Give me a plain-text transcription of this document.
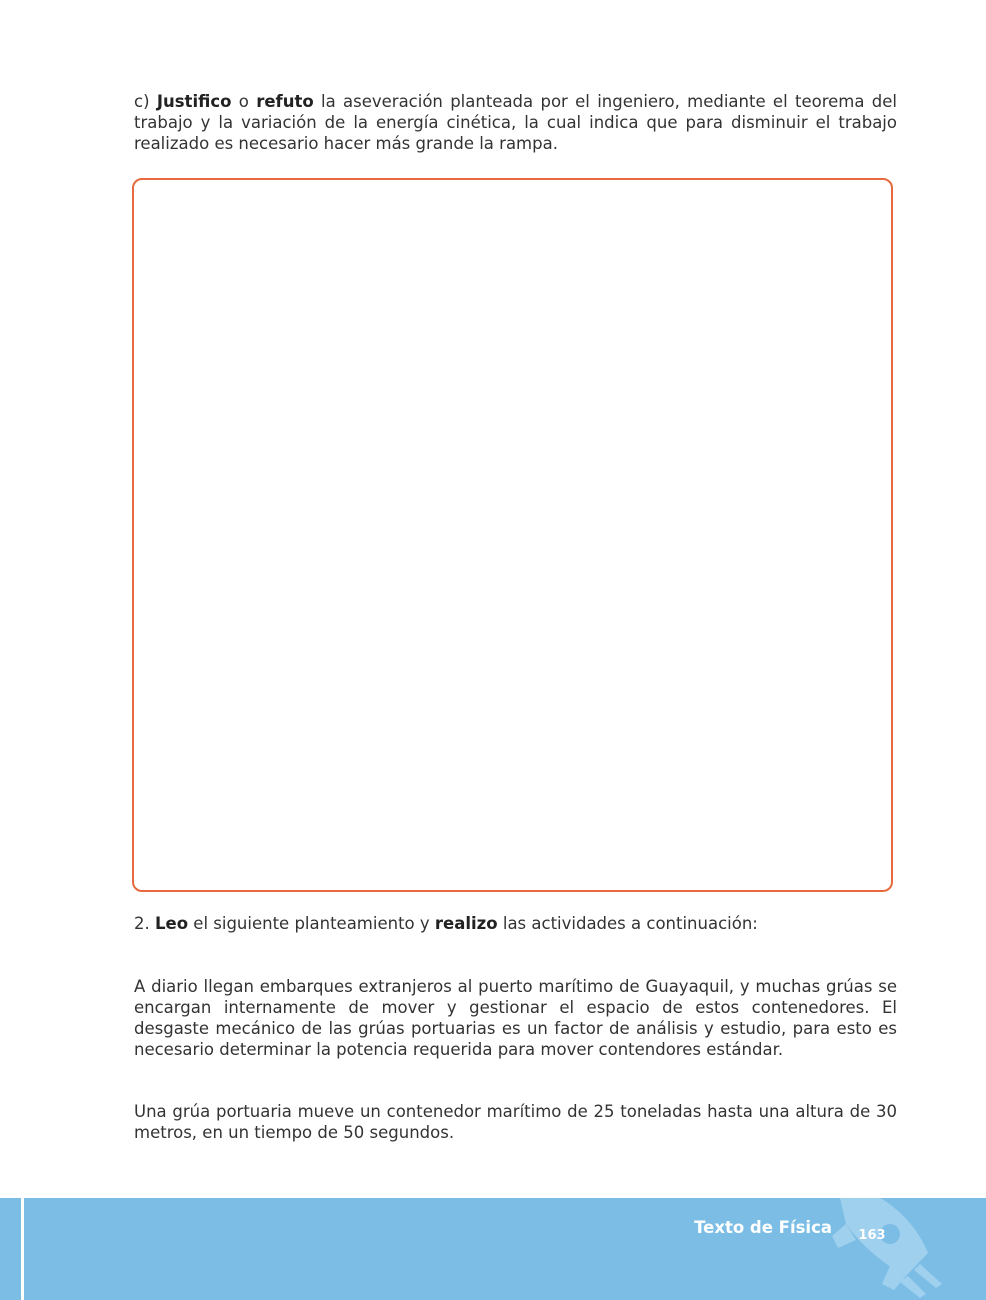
c) Justifico o refuto la aseveración planteada por el ingeniero, mediante el teorema del trabajo y la variación de la energía cinética, la cual indica que para disminuir el trabajo realizado es necesario hacer más grande la rampa.

2. Leo el siguiente planteamiento y realizo las actividades a continuación:

A diario llegan embarques extranjeros al puerto marítimo de Guayaquil, y muchas grúas se encargan internamente de mover y gestionar el espacio de estos contenedores. El desgaste mecánico de las grúas portuarias es un factor de análisis y estudio, para esto es necesario determinar la potencia requerida para mover contendores estándar.

Una grúa portuaria mueve un contenedor marítimo de 25 toneladas hasta una altura de 30 metros, en un tiempo de 50 segundos.

Texto de Física	163
